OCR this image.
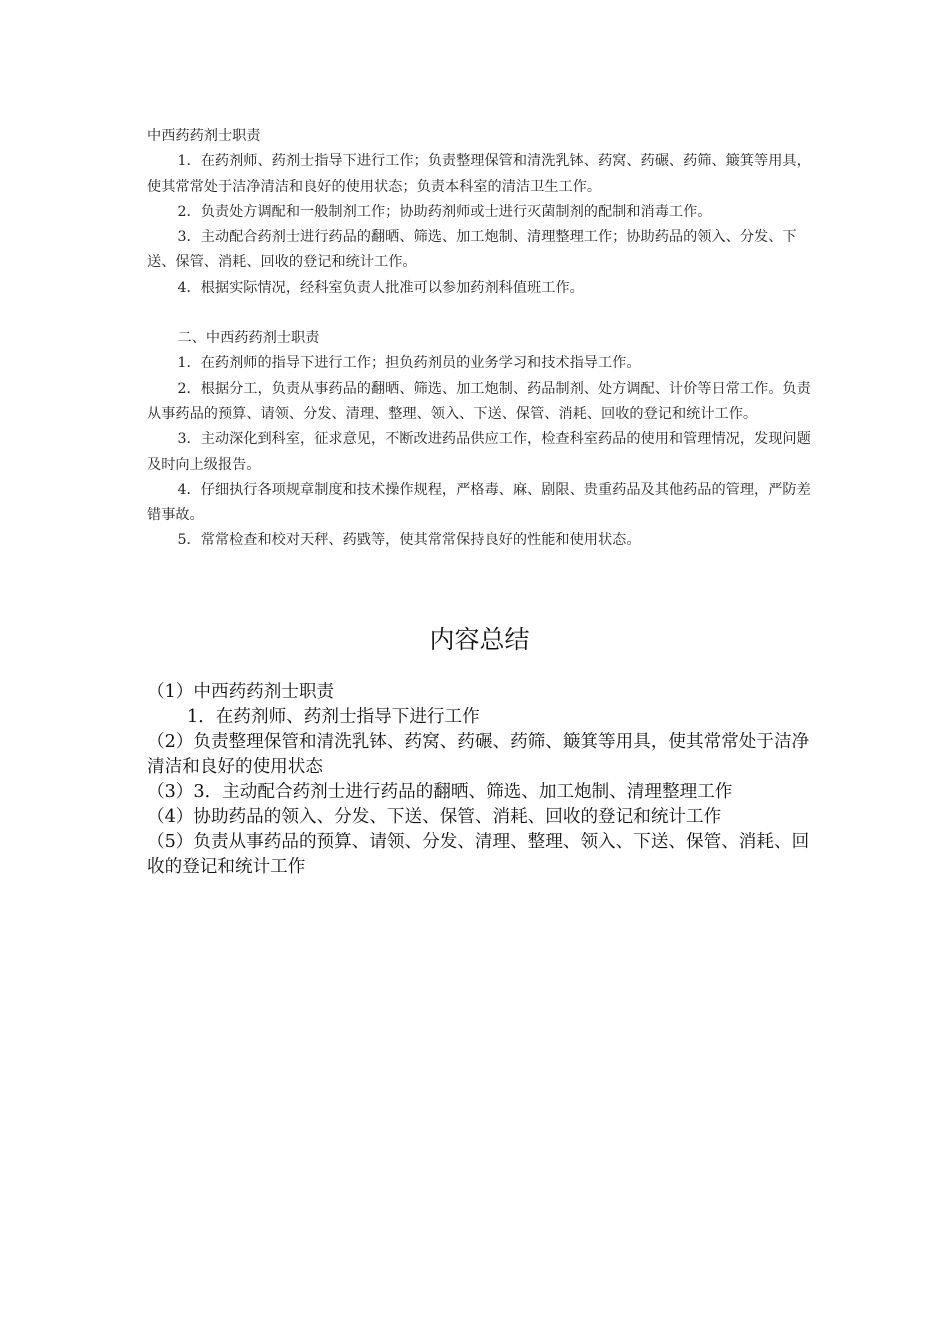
中西药药剂士职责

1．在药剂师、药剂士指导下进行工作；负责整理保管和清洗乳钵、药窝、药碾、药筛、簸箕等用具，使其常常处于洁净清洁和良好的使用状态；负责本科室的清洁卫生工作。

2．负责处方调配和一般制剂工作；协助药剂师或士进行灭菌制剂的配制和消毒工作。

3．主动配合药剂士进行药品的翻晒、筛选、加工炮制、清理整理工作；协助药品的领入、分发、下送、保管、消耗、回收的登记和统计工作。

4．根据实际情况，经科室负责人批准可以参加药剂科值班工作。

二、中西药药剂士职责

1．在药剂师的指导下进行工作；担负药剂员的业务学习和技术指导工作。

2．根据分工，负责从事药品的翻晒、筛选、加工炮制、药品制剂、处方调配、计价等日常工作。负责从事药品的预算、请领、分发、清理、整理、领入、下送、保管、消耗、回收的登记和统计工作。

3．主动深化到科室，征求意见，不断改进药品供应工作，检查科室药品的使用和管理情况，发现问题及时向上级报告。

4．仔细执行各项规章制度和技术操作规程，严格毒、麻、剧限、贵重药品及其他药品的管理，严防差错事故。

5．常常检查和校对天秤、药戥等，使其常常保持良好的性能和使用状态。

内容总结

（1）中西药药剂士职责

1．在药剂师、药剂士指导下进行工作

（2）负责整理保管和清洗乳钵、药窝、药碾、药筛、簸箕等用具，使其常常处于洁净清洁和良好的使用状态

（3）3．主动配合药剂士进行药品的翻晒、筛选、加工炮制、清理整理工作

（4）协助药品的领入、分发、下送、保管、消耗、回收的登记和统计工作

（5）负责从事药品的预算、请领、分发、清理、整理、领入、下送、保管、消耗、回收的登记和统计工作
